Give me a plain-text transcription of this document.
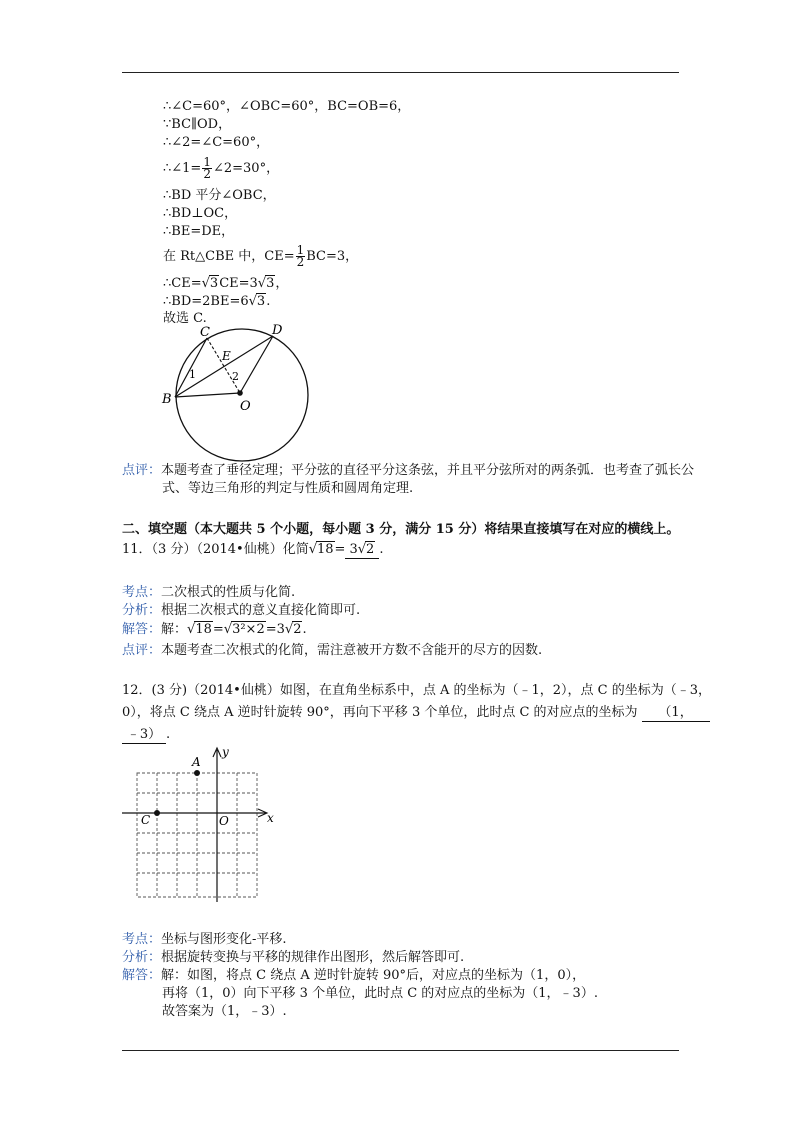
∴∠C=60°，∠OBC=60°，BC=OB=6，
∵BC∥OD，
∴∠2=∠C=60°，
∴∠1= $\frac{1}{2}$ ∠2=30°，
∴BD 平分∠OBC，
∴BD⊥OC，
∴BE=DE，
在 Rt△CBE 中，$CE= \frac{1}{2} BC=3$，
∴CE=√3CE=3√3，
∴BD=2BE=6√3.
故选 C.
C	D
E
1	2
B	O
点评：本题考查了垂径定理；平分弦的直径平分这条弦，并且平分弦所对的两条弧．也考查了弧长公
式、等边三角形的判定与性质和圆周角定理.
二、填空题（本大题共 5 个小题，每小题 3 分，满分 15 分）将结果直接填写在对应的横线上。
11．（3 分）（2014•仙桃）化简√18= 3√2 .
考点：二次根式的性质与化简.
分析：根据二次根式的意义直接化简即可.
解答：解：√18=√3²×2=3√2.
点评：本题考查二次根式的化简，需注意被开方数不含能开的尽方的因数.
12．(3 分)（2014•仙桃）如图，在直角坐标系中，点 A 的坐标为（﹣1，2），点 C 的坐标为（﹣3，
0），将点 C 绕点 A 逆时针旋转 90°，再向下平移 3 个单位，此时点 C 的对应点的坐标为 （1，
﹣3） .
y
x
A
C	O
考点：坐标与图形变化-平移.
分析：根据旋转变换与平移的规律作出图形，然后解答即可.
解答：解：如图，将点 C 绕点 A 逆时针旋转 90°后，对应点的坐标为（1，0），
再将（1，0）向下平移 3 个单位，此时点 C 的对应点的坐标为（1，﹣3）.
故答案为（1，﹣3）.
